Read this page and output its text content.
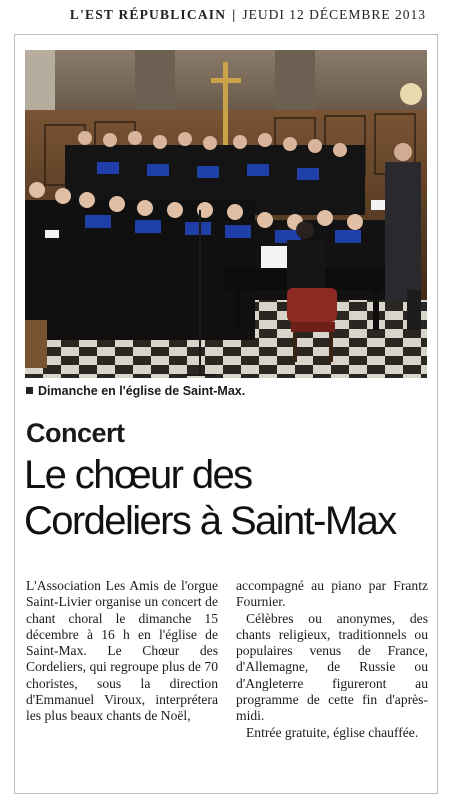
L'EST RÉPUBLICAIN | JEUDI 12 DÉCEMBRE 2013
Dimanche en l'église de Saint-Max.
Concert
Le chœur des
Cordeliers à Saint-Max

L'Association Les Amis de l'orgue Saint-Livier organise un concert de chant choral le dimanche 15 décembre à 16 h en l'église de Saint-Max. Le Chœur des Cordeliers, qui regroupe plus de 70 choristes, sous la direction d'Emmanuel Viroux, interprétera les plus beaux chants de Noël,

accompagné au piano par Frantz Fournier.

Célèbres ou anonymes, des chants religieux, traditionnels ou populaires venus de France, d'Allemagne, de Russie ou d'Angleterre figureront au programme de cette fin d'après-midi.

Entrée gratuite, église chauffée.
